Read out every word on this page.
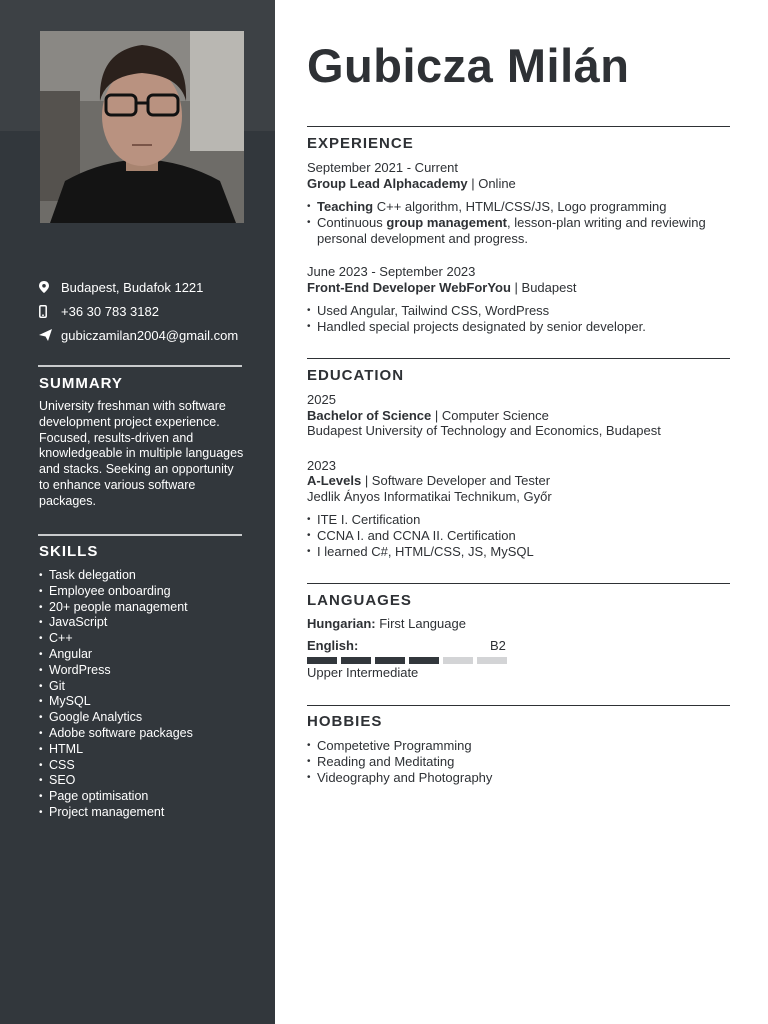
Budapest, Budafok 1221
+36 30 783 3182
gubiczamilan2004@gmail.com
SUMMARY
University freshman with software development project experience. Focused, results-driven and knowledgeable in multiple languages and stacks. Seeking an opportunity to enhance various software packages.
SKILLS
• Task delegation
• Employee onboarding
• 20+ people management
• JavaScript
• C++
• Angular
• WordPress
• Git
• MySQL
• Google Analytics
• Adobe software packages
• HTML
• CSS
• SEO
• Page optimisation
• Project management
Gubicza Milán
EXPERIENCE
September 2021 - Current
Group Lead Alphacademy | Online
• Teaching C++ algorithm, HTML/CSS/JS, Logo programming
• Continuous group management, lesson-plan writing and reviewing personal development and progress.
June 2023 - September 2023
Front-End Developer WebForYou | Budapest
• Used Angular, Tailwind CSS, WordPress
• Handled special projects designated by senior developer.
EDUCATION
2025
Bachelor of Science | Computer Science
Budapest University of Technology and Economics, Budapest
2023
A-Levels | Software Developer and Tester
Jedlik Ányos Informatikai Technikum, Győr
• ITE I. Certification
• CCNA I. and CCNA II. Certification
• I learned C#, HTML/CSS, JS, MySQL
LANGUAGES
Hungarian: First Language
English:	B2
Upper Intermediate
HOBBIES
• Competetive Programming
• Reading and Meditating
• Videography and Photography
